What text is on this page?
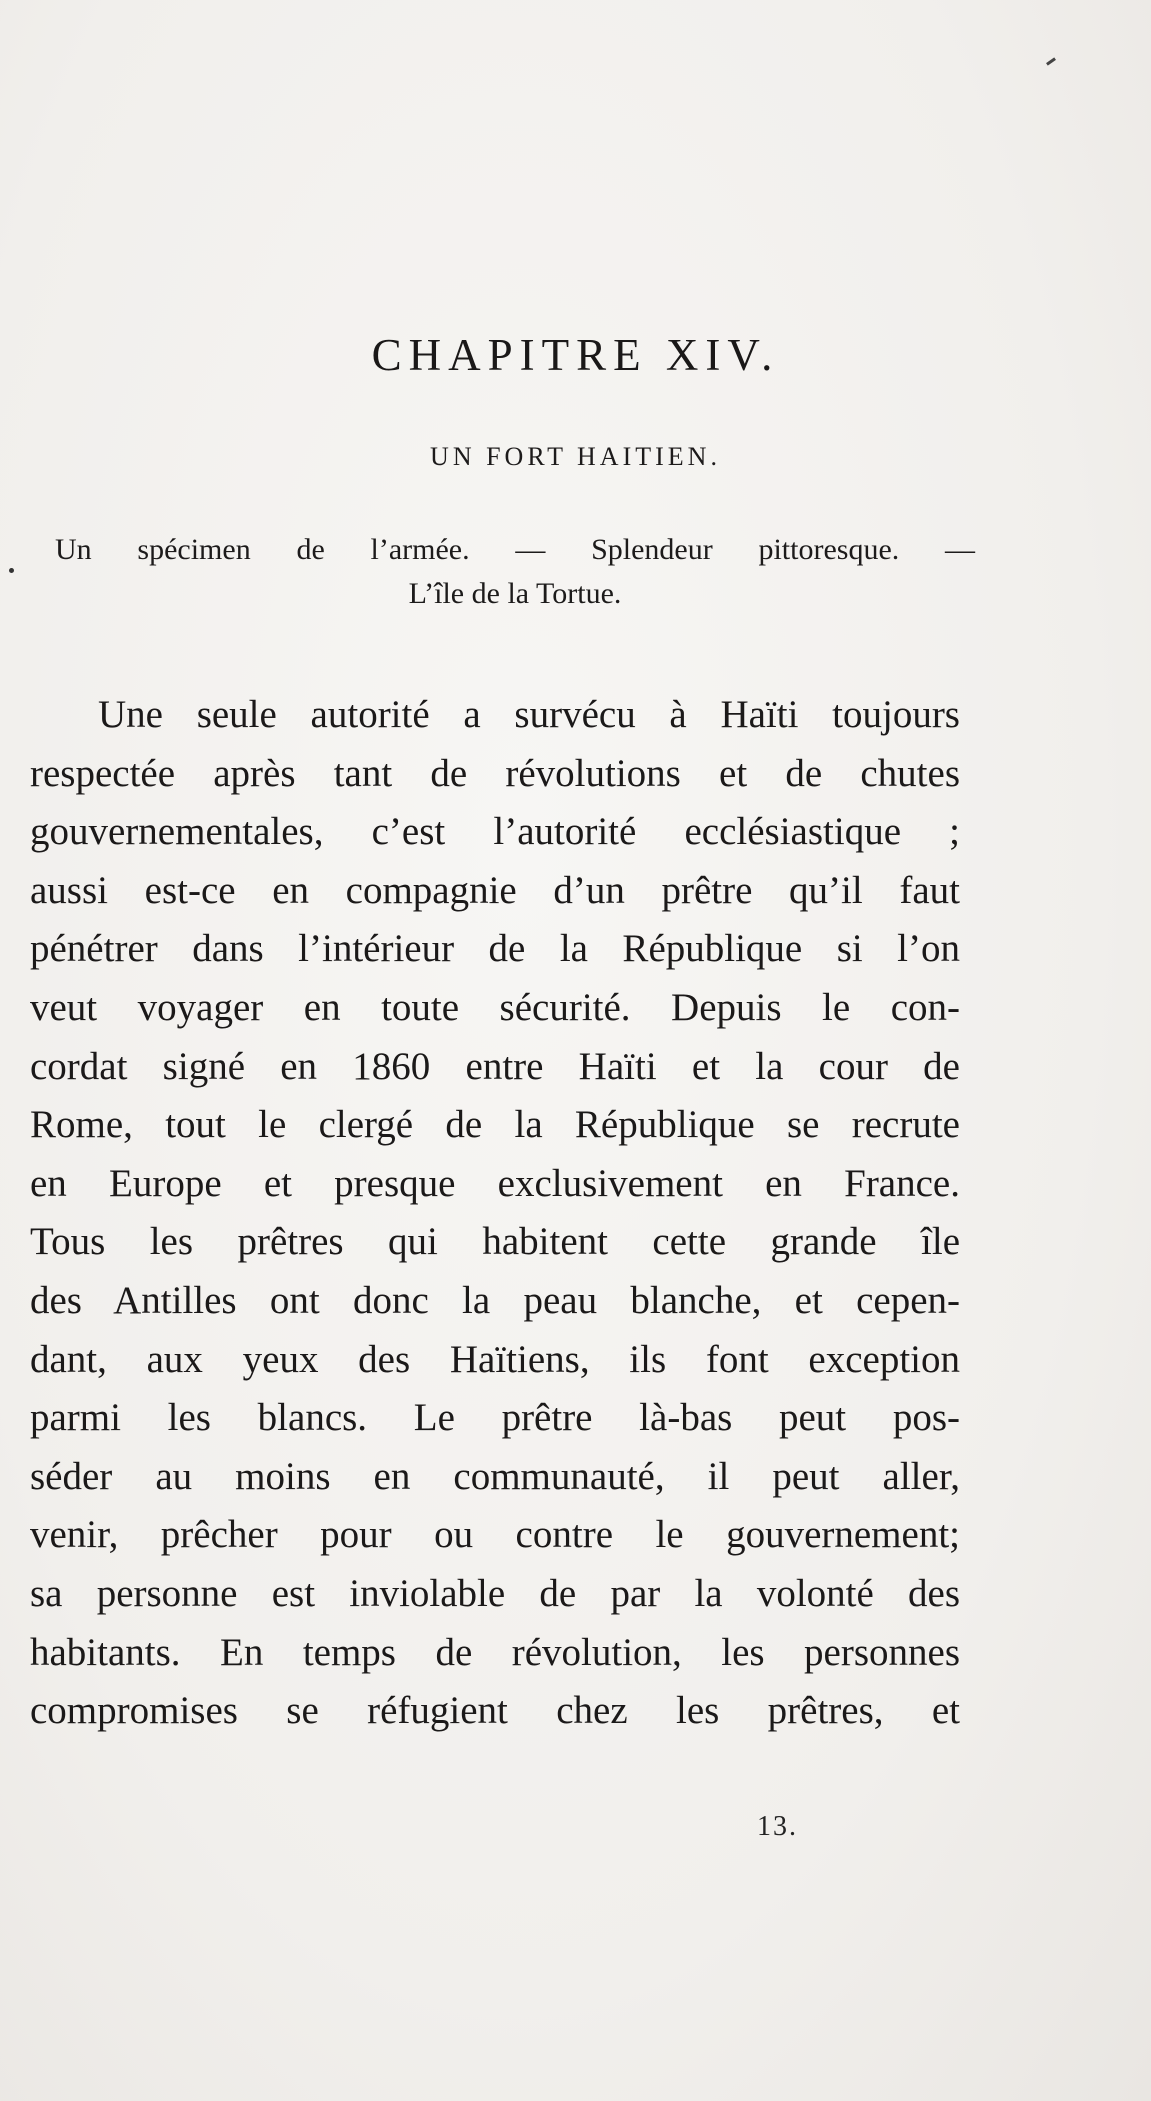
CHAPITRE XIV.
UN FORT HAITIEN.
Un spécimen de l’armée. — Splendeur pittoresque. —
L’île de la Tortue.
Une seule autorité a survécu à Haïti toujours
respectée après tant de révolutions et de chutes
gouvernementales, c’est l’autorité ecclésiastique ;
aussi est-ce en compagnie d’un prêtre qu’il faut
pénétrer dans l’intérieur de la République si l’on
veut voyager en toute sécurité. Depuis le con-
cordat signé en 1860 entre Haïti et la cour de
Rome, tout le clergé de la République se recrute
en Europe et presque exclusivement en France.
Tous les prêtres qui habitent cette grande île
des Antilles ont donc la peau blanche, et cepen-
dant, aux yeux des Haïtiens, ils font exception
parmi les blancs. Le prêtre là-bas peut pos-
séder au moins en communauté, il peut aller,
venir, prêcher pour ou contre le gouvernement;
sa personne est inviolable de par la volonté des
habitants. En temps de révolution, les personnes
compromises se réfugient chez les prêtres, et
13.
